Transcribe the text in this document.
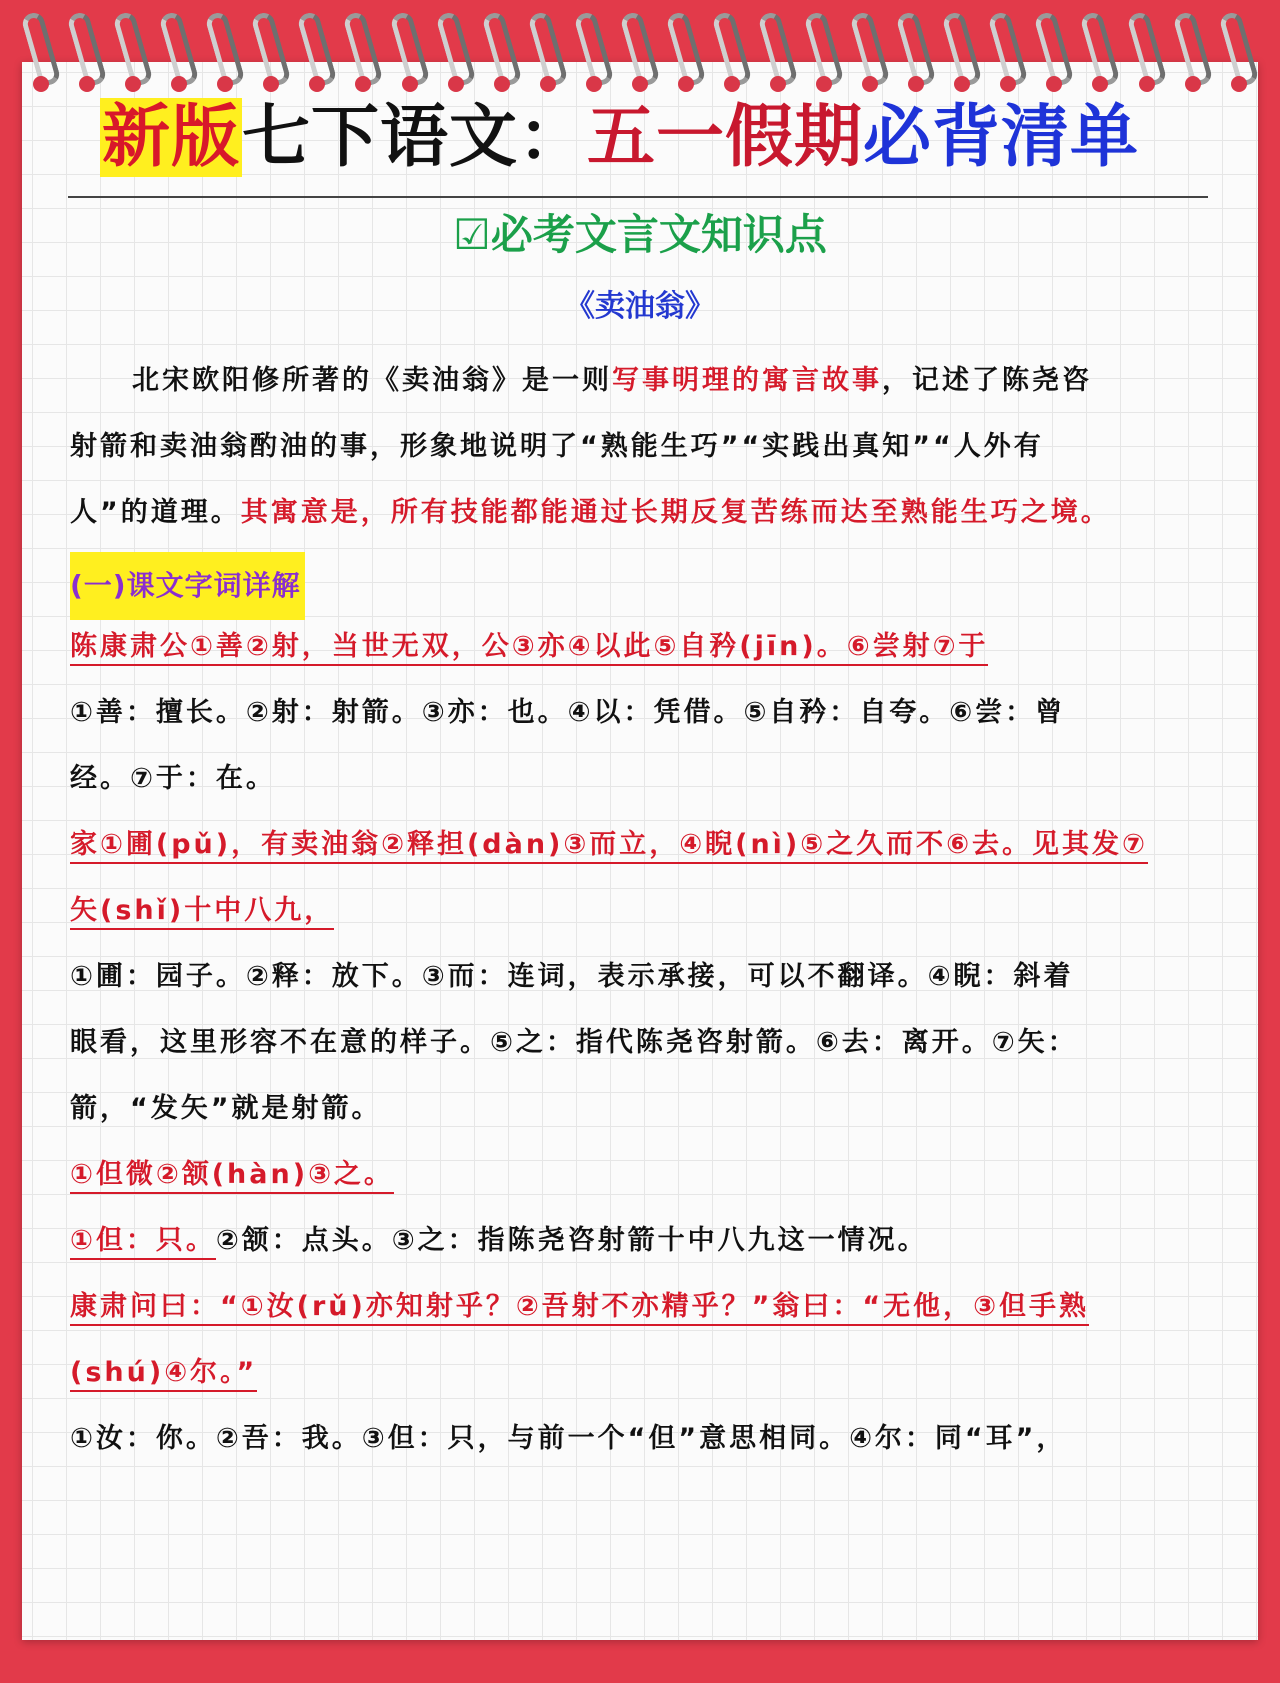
新版七下语文：五一假期必背清单
☑必考文言文知识点
《卖油翁》
北宋欧阳修所著的《卖油翁》是一则写事明理的寓言故事，记述了陈尧咨
射箭和卖油翁酌油的事，形象地说明了“熟能生巧”“实践出真知”“人外有
人”的道理。其寓意是，所有技能都能通过长期反复苦练而达至熟能生巧之境。
陈康肃公①善②射，当世无双，公③亦④以此⑤自矜(jīn)。⑥尝射⑦于
①善：擅长。②射：射箭。③亦：也。④以：凭借。⑤自矜：自夸。⑥尝：曾
经。⑦于：在。
家①圃(pǔ)，有卖油翁②释担(dàn)③而立，④睨(nì)⑤之久而不⑥去。见其发⑦
矢(shǐ)十中八九，
①圃：园子。②释：放下。③而：连词，表示承接，可以不翻译。④睨：斜着
眼看，这里形容不在意的样子。⑤之：指代陈尧咨射箭。⑥去：离开。⑦矢：
箭，“发矢”就是射箭。
①但微②颔(hàn)③之。
①但：只。②颔：点头。③之：指陈尧咨射箭十中八九这一情况。
康肃问曰：“①汝(rǔ)亦知射乎？②吾射不亦精乎？”翁曰：“无他，③但手熟
(shú)④尔。”
①汝：你。②吾：我。③但：只，与前一个“但”意思相同。④尔：同“耳”，
(一)课文字词详解
